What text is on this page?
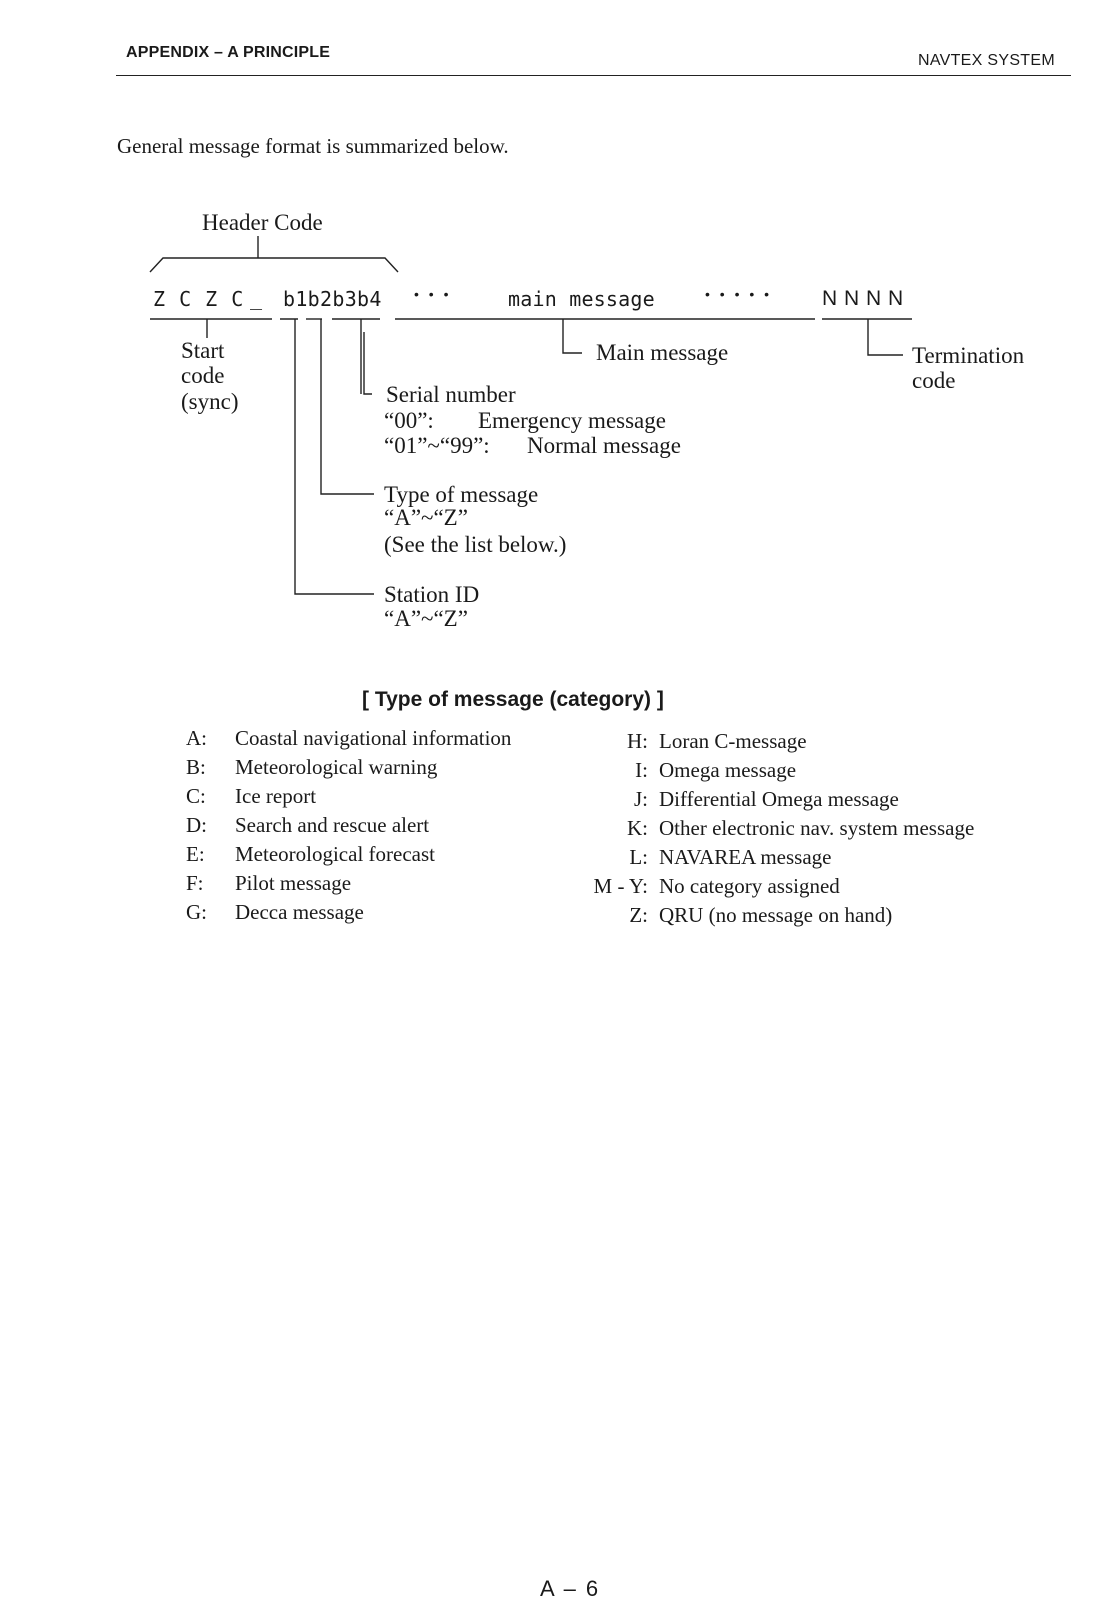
APPENDIX – A PRINCIPLE	NAVTEX SYSTEM
General message format is summarized below.
Header Code
Z C Z C _ b1b2b3b4 • • •	main message	• • • • • N N N N
Start
code
(sync)
Main message	Termination
code
Serial number
“00”: Emergency message
“01”~“99”: Normal message
Type of message
“A”~“Z”
(See the list below.)
Station ID
“A”~“Z”
[ Type of message (category) ]
A: Coastal navigational information
B: Meteorological warning
C: Ice report
D: Search and rescue alert
E: Meteorological forecast
F: Pilot message
G: Decca message
H: Loran C-message
I: Omega message
J: Differential Omega message
K: Other electronic nav. system message
L: NAVAREA message
M - Y: No category assigned
Z: QRU (no message on hand)
A – 6
